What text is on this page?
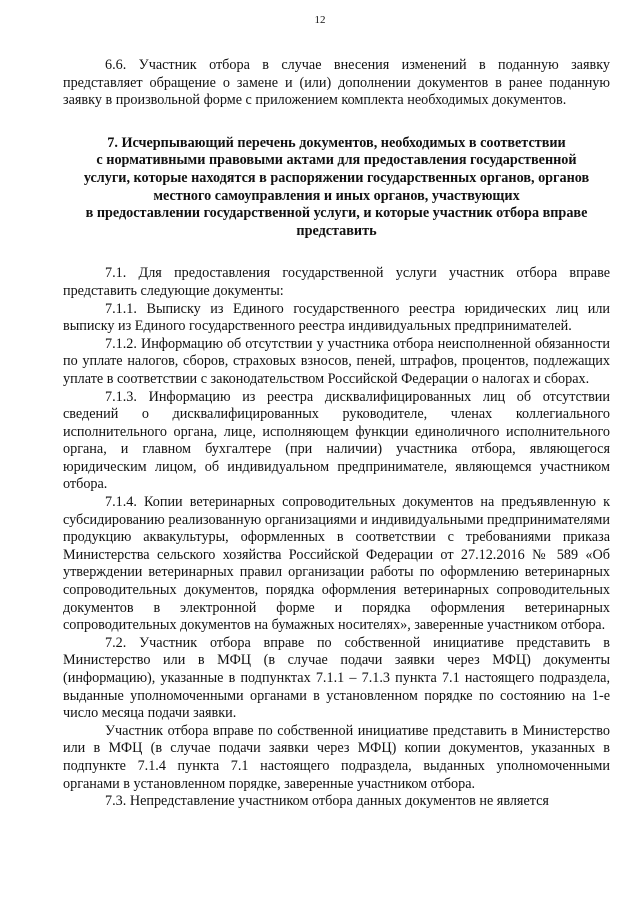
12

6.6. Участник отбора в случае внесения изменений в поданную заявку представляет обращение о замене и (или) дополнении документов в ранее поданную заявку в произвольной форме с приложением комплекта необходимых документов.

7. Исчерпывающий перечень документов, необходимых в соответствии
с нормативными правовыми актами для предоставления государственной
услуги, которые находятся в распоряжении государственных органов, органов
местного самоуправления и иных органов, участвующих
в предоставлении государственной услуги, и которые участник отбора вправе
представить

7.1. Для предоставления государственной услуги участник отбора вправе представить следующие документы:

7.1.1. Выписку из Единого государственного реестра юридических лиц или выписку из Единого государственного реестра индивидуальных предпринимателей.

7.1.2. Информацию об отсутствии у участника отбора неисполненной обязанности по уплате налогов, сборов, страховых взносов, пеней, штрафов, процентов, подлежащих уплате в соответствии с законодательством Российской Федерации о налогах и сборах.

7.1.3. Информацию из реестра дисквалифицированных лиц об отсутствии сведений о дисквалифицированных руководителе, членах коллегиального исполнительного органа, лице, исполняющем функции единоличного исполнительного органа, и главном бухгалтере (при наличии) участника отбора, являющегося юридическим лицом, об индивидуальном предпринимателе, являющемся участником отбора.

7.1.4. Копии ветеринарных сопроводительных документов на предъявленную к субсидированию реализованную организациями и индивидуальными предпринимателями продукцию аквакультуры, оформленных в соответствии с требованиями приказа Министерства сельского хозяйства Российской Федерации от 27.12.2016 № 589 «Об утверждении ветеринарных правил организации работы по оформлению ветеринарных сопроводительных документов, порядка оформления ветеринарных сопроводительных документов в электронной форме и порядка оформления ветеринарных сопроводительных документов на бумажных носителях», заверенные участником отбора.

7.2. Участник отбора вправе по собственной инициативе представить в Министерство или в МФЦ (в случае подачи заявки через МФЦ) документы (информацию), указанные в подпунктах 7.1.1 – 7.1.3 пункта 7.1 настоящего подраздела, выданные уполномоченными органами в установленном порядке по состоянию на 1-е число месяца подачи заявки.

Участник отбора вправе по собственной инициативе представить в Министерство или в МФЦ (в случае подачи заявки через МФЦ) копии документов, указанных в подпункте 7.1.4 пункта 7.1 настоящего подраздела, выданных уполномоченными органами в установленном порядке, заверенные участником отбора.

7.3. Непредставление участником отбора данных документов не является
